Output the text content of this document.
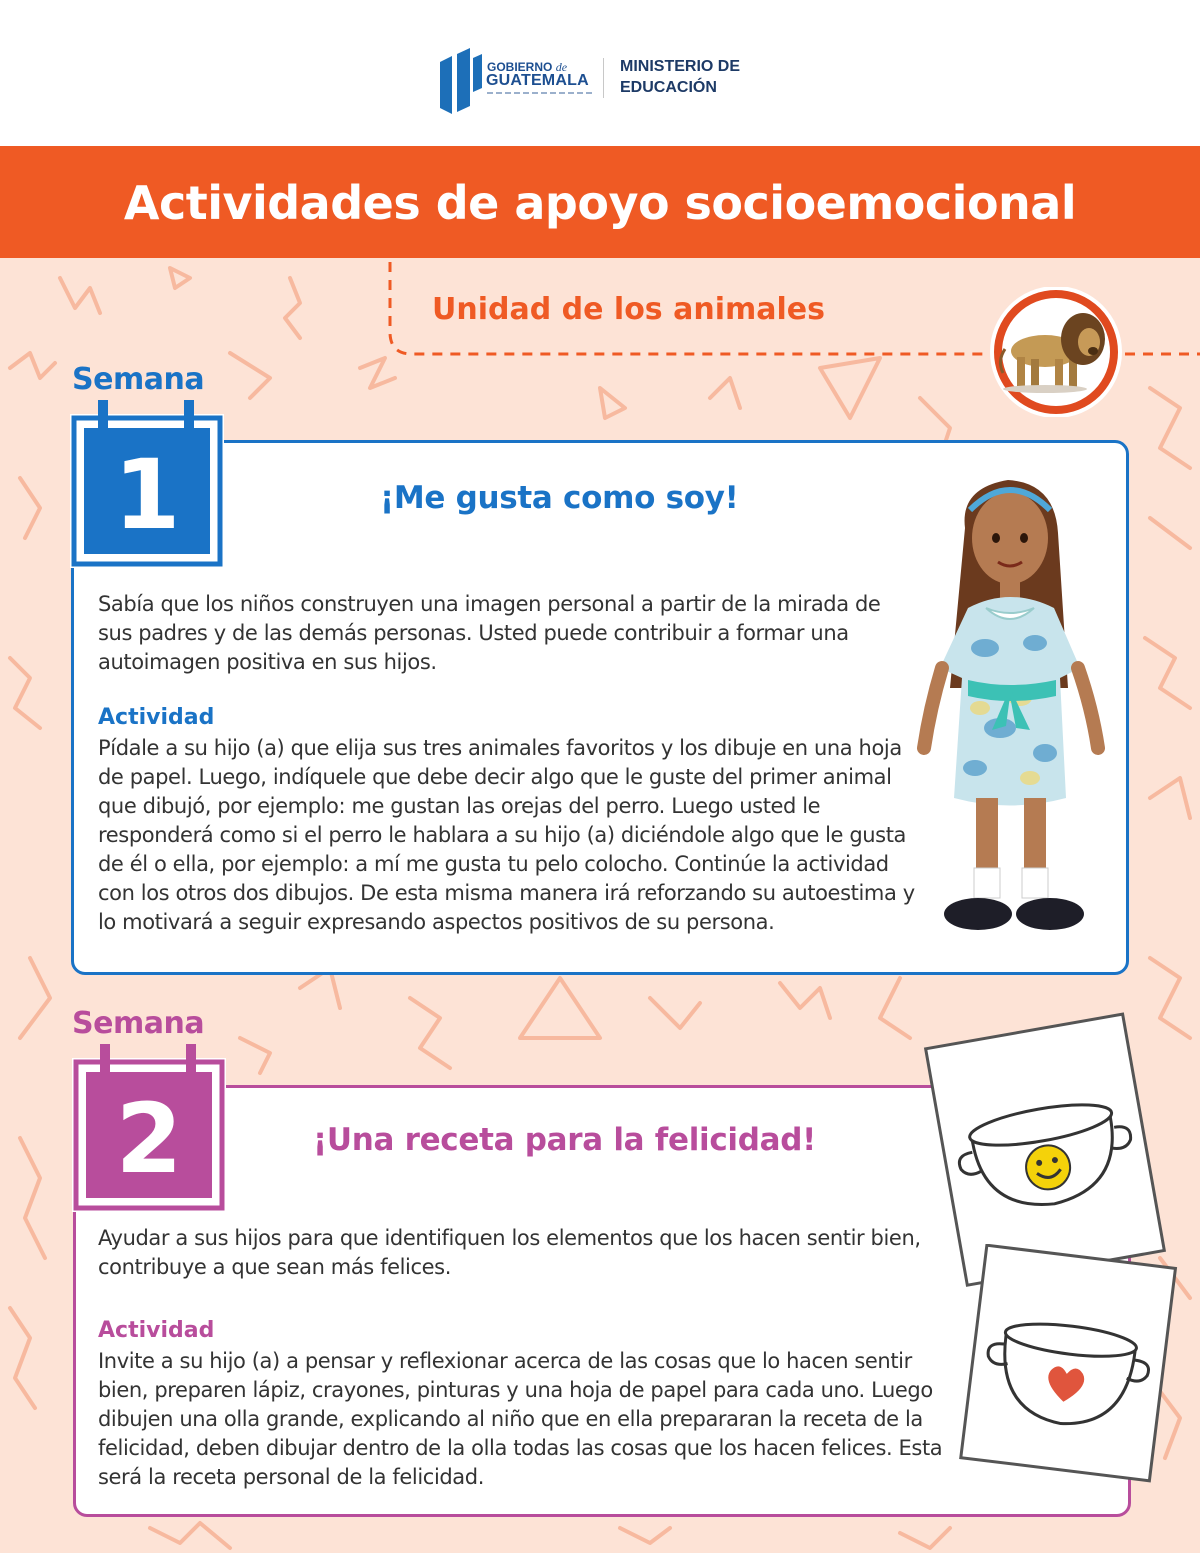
GOBIERNO de
GUATEMALA
MINISTERIO DE
EDUCACIÓN
Actividades de apoyo socioemocional
Unidad de los animales
Semana
1	¡Me gusta como soy!
Sabía que los niños construyen una imagen personal a partir de la mirada de sus padres y de las demás personas. Usted puede contribuir a formar una autoimagen positiva en sus hijos.
Actividad
Pídale a su hijo (a) que elija sus tres animales favoritos y los dibuje en una hoja de papel. Luego, indíquele que debe decir algo que le guste del primer animal que dibujó, por ejemplo: me gustan las orejas del perro. Luego usted le responderá como si el perro le hablara a su hijo (a) diciéndole algo que le gusta de él o ella, por ejemplo: a mí me gusta tu pelo colocho. Continúe la actividad con los otros dos dibujos. De esta misma manera irá reforzando su autoestima y lo motivará a seguir expresando aspectos positivos de su persona.
Semana
2	¡Una receta para la felicidad!
Ayudar a sus hijos para que identifiquen los elementos que los hacen sentir bien, contribuye a que sean más felices.
Actividad
Invite a su hijo (a) a pensar y reflexionar acerca de las cosas que lo hacen sentir bien, preparen lápiz, crayones, pinturas y una hoja de papel para cada uno. Luego dibujen una olla grande, explicando al niño que en ella prepararan la receta de la felicidad, deben dibujar dentro de la olla todas las cosas que los hacen felices. Esta será la receta personal de la felicidad.
